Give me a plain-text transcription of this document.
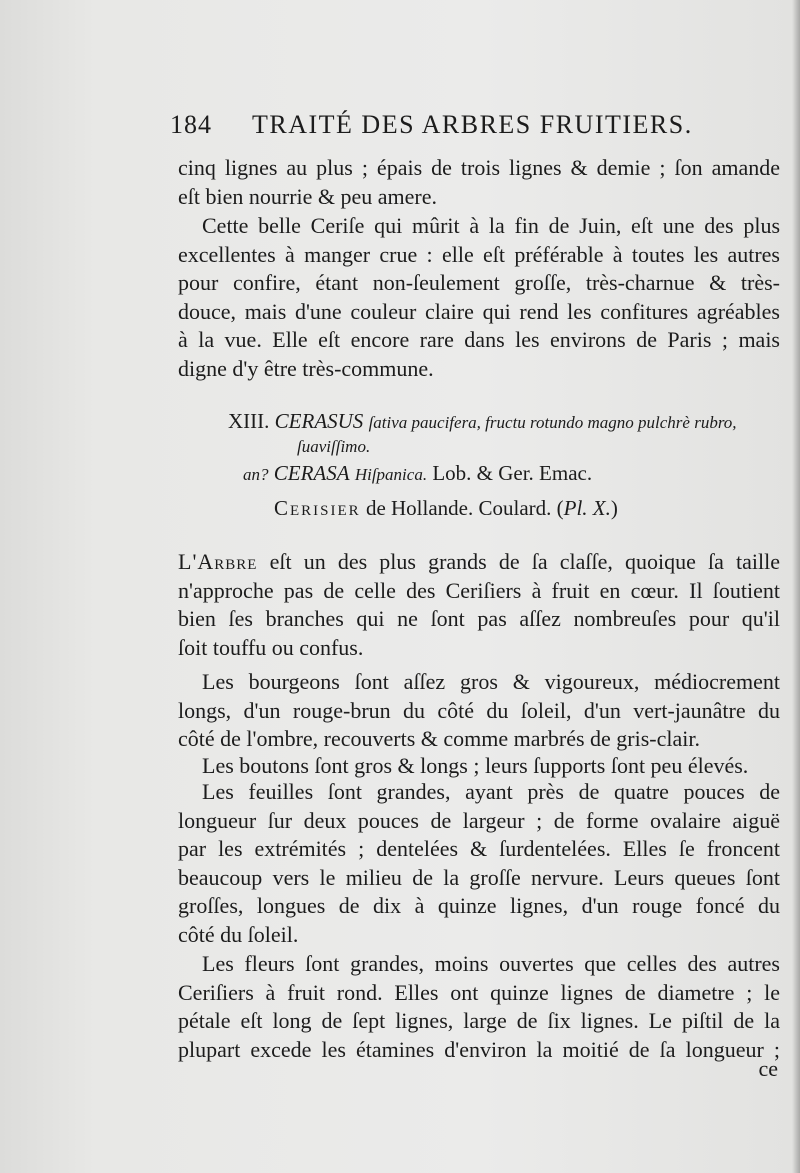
184 TRAITÉ DES ARBRES FRUITIERS.
cinq lignes au plus ; épais de trois lignes & demie ; ſon amande
eſt bien nourrie & peu amere.
Cette belle Ceriſe qui mûrit à la fin de Juin, eſt une des plus
excellentes à manger crue : elle eſt préférable à toutes les autres
pour confire, étant non-ſeulement groſſe, très-charnue & très-
douce, mais d'une couleur claire qui rend les confitures agréables
à la vue. Elle eſt encore rare dans les environs de Paris ; mais
digne d'y être très-commune.
XIII. CERASUS ſativa paucifera, fructu rotundo magno pulchrè rubro,
ſuaviſſimo.
an? CERASA Hiſpanica. Lob. & Ger. Emac.
Cerisier de Hollande. Coulard. (Pl. X.)
L'Arbre eſt un des plus grands de ſa claſſe, quoique ſa taille
n'approche pas de celle des Ceriſiers à fruit en cœur. Il ſoutient
bien ſes branches qui ne ſont pas aſſez nombreuſes pour qu'il
ſoit touffu ou confus.
Les bourgeons ſont aſſez gros & vigoureux, médiocrement
longs, d'un rouge-brun du côté du ſoleil, d'un vert-jaunâtre du
côté de l'ombre, recouverts & comme marbrés de gris-clair.
Les boutons ſont gros & longs ; leurs ſupports ſont peu élevés.
Les feuilles ſont grandes, ayant près de quatre pouces de
longueur ſur deux pouces de largeur ; de forme ovalaire aiguë
par les extrémités ; dentelées & ſurdentelées. Elles ſe froncent
beaucoup vers le milieu de la groſſe nervure. Leurs queues ſont
groſſes, longues de dix à quinze lignes, d'un rouge foncé du
côté du ſoleil.
Les fleurs ſont grandes, moins ouvertes que celles des autres
Ceriſiers à fruit rond. Elles ont quinze lignes de diametre ; le
pétale eſt long de ſept lignes, large de ſix lignes. Le piſtil de la
plupart excede les étamines d'environ la moitié de ſa longueur ;
ce
